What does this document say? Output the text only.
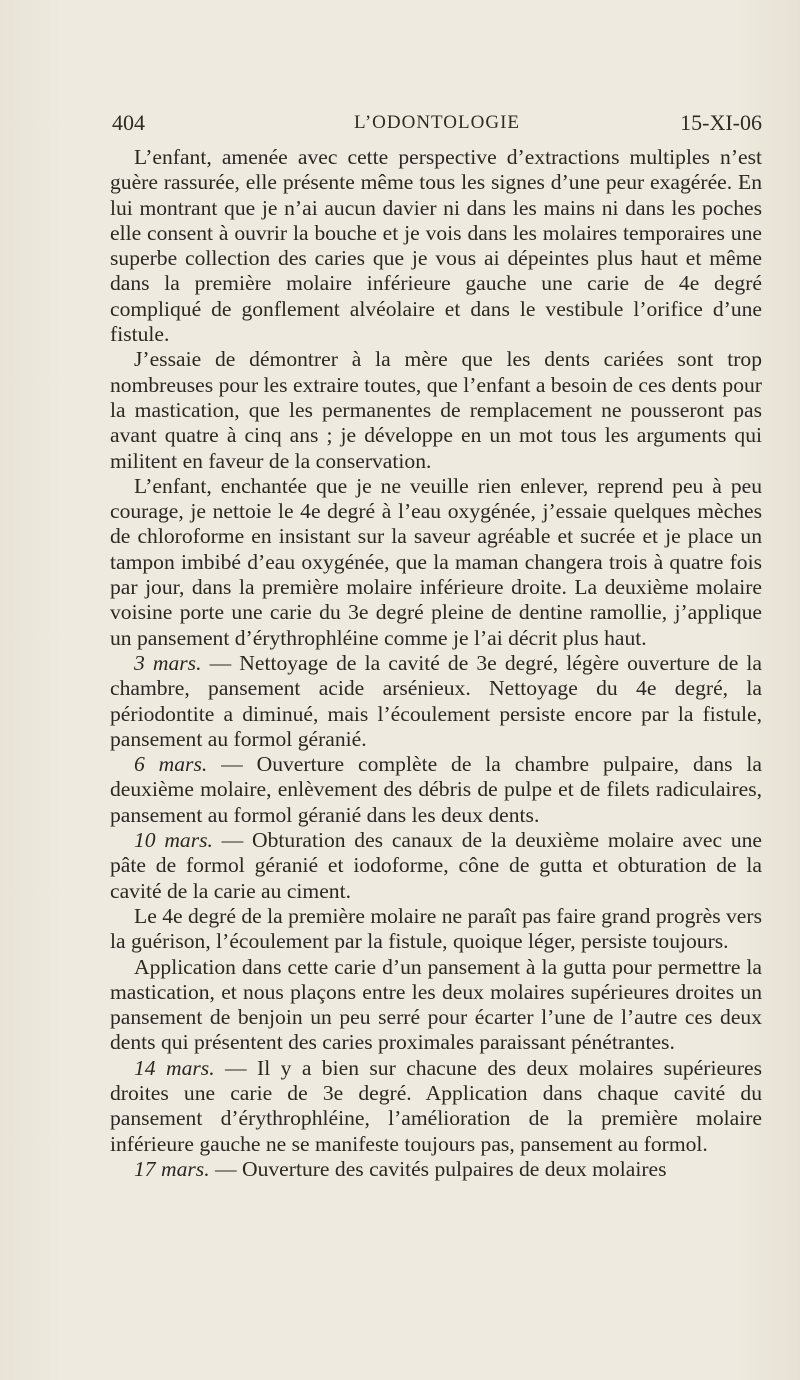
404	L’ODONTOLOGIE	15-XI-06

L’enfant, amenée avec cette perspective d’extractions multiples n’est guère rassurée, elle présente même tous les signes d’une peur exagérée. En lui montrant que je n’ai aucun davier ni dans les mains ni dans les poches elle consent à ouvrir la bouche et je vois dans les molaires temporaires une superbe collection des caries que je vous ai dépeintes plus haut et même dans la première molaire inférieure gauche une carie de 4e degré compliqué de gonflement alvéolaire et dans le vestibule l’orifice d’une fistule.

J’essaie de démontrer à la mère que les dents cariées sont trop nombreuses pour les extraire toutes, que l’enfant a besoin de ces dents pour la mastication, que les permanentes de remplacement ne pousseront pas avant quatre à cinq ans ; je développe en un mot tous les arguments qui militent en faveur de la conservation.

L’enfant, enchantée que je ne veuille rien enlever, reprend peu à peu courage, je nettoie le 4e degré à l’eau oxygénée, j’essaie quelques mèches de chloroforme en insistant sur la saveur agréable et sucrée et je place un tampon imbibé d’eau oxygénée, que la maman changera trois à quatre fois par jour, dans la première molaire inférieure droite. La deuxième molaire voisine porte une carie du 3e degré pleine de dentine ramollie, j’applique un pansement d’érythrophléine comme je l’ai décrit plus haut.

3 mars. — Nettoyage de la cavité de 3e degré, légère ouverture de la chambre, pansement acide arsénieux. Nettoyage du 4e degré, la périodontite a diminué, mais l’écoulement persiste encore par la fistule, pansement au formol géranié.

6 mars. — Ouverture complète de la chambre pulpaire, dans la deuxième molaire, enlèvement des débris de pulpe et de filets radiculaires, pansement au formol géranié dans les deux dents.

10 mars. — Obturation des canaux de la deuxième molaire avec une pâte de formol géranié et iodoforme, cône de gutta et obturation de la cavité de la carie au ciment.

Le 4e degré de la première molaire ne paraît pas faire grand progrès vers la guérison, l’écoulement par la fistule, quoique léger, persiste toujours.

Application dans cette carie d’un pansement à la gutta pour permettre la mastication, et nous plaçons entre les deux molaires supérieures droites un pansement de benjoin un peu serré pour écarter l’une de l’autre ces deux dents qui présentent des caries proximales paraissant pénétrantes.

14 mars. — Il y a bien sur chacune des deux molaires supérieures droites une carie de 3e degré. Application dans chaque cavité du pansement d’érythrophléine, l’amélioration de la première molaire inférieure gauche ne se manifeste toujours pas, pansement au formol.

17 mars. — Ouverture des cavités pulpaires de deux molaires
